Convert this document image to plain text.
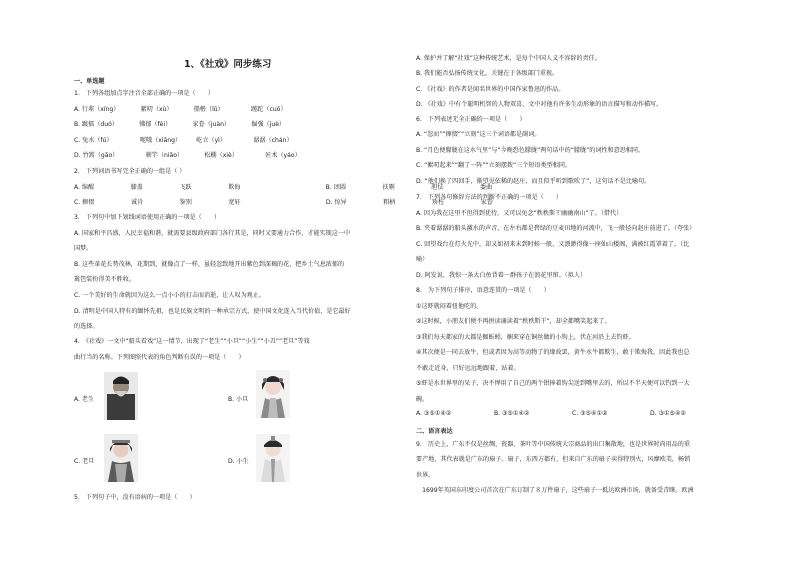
1、《社戏》同步练习
一、单选题
1.　下列各组加点字注音全部正确的一项是（　　）
A. 行辈（xíng）　　　　絮叨（xù）　　　　船橹（lǔ）　　　　　蹉跎（cuō）
B. 踱擂（duó）　　　　怫郁（fèi）　　　　家眷（juàn）　　　　倔强（juè）
C. 兔水（fú）　　　　　呃哦（xiāng）　　　屹立（yì）　　　　　潺潺（chán）
D. 竹篙（gāo）　　　　　蕲竿（niǎo）　　　　松棚（xiè）　　　　　匠术（yáo）
2.　下列词语书写完全正确的一组是（ ）
A. 绵醒　　　　　　膝盖　　　　　　飞跃　　　　　　欺侮　　　　　　　　　　　　　　B. 团圆　　　　　　扶剔　　　　　　胆怯　　　　　　委曲
C. 撺掇　　　　　　诚肯　　　　　　鉴别　　　　　　宽轩　　　　　　　　　　　　　　D. 惊异　　　　　　粗柄　　　　　　矫枉　　　　　　家眷
3.　下列句中加下划线词语使用正确的一项是（　　）
A. 国家和平昌盛，人民幸福和谐，就需要县级政府部门各行其是，同时又要通力合作，才能实现这一中
国梦。
B. 这些革花长势茂林，花期到，就像点了一样，虽轻忽致地开出紫色到深褐的花，把乡土气息浓郁的
篱笆装扮得美不胜收。
C. 一个美好的生命就因为这么一点小小的打击而消逝，让人叹为观止。
D. 清明是中国人特有的缅怀先祖，也是民族文明的一种承宗方式，使中国文化连入当代价值，是它最好
的选择。
4.　《社戏》一文中“船头看戏”这一情节，出现了“老生”“小旦”“小生”“小丑”“老旦”等戏
曲行当的名称。下列图照代表的角色判断有误的一项是（　　）
A. 老生	B. 小旦
C. 老旦	D. 小生
5.　下列句子中，没有语病的一项是（　　）
A. 保护并了解“社戏”这种传统艺术，是每个中国人义不容辞的责任。
B. 我们能否弘扬传统文化，关键在于各级部门重视。
C. 《社戏》的作者是闻名世界的中国作家鲁迅的作品。
D. 《社戏》中有个聪明机智的人物双喜，文中对他有许多生动形象的语言描写和动作描写。
6.　下列表述无全正确的一项是（　　）
A. “忽而”“撺掇”“立刻”这三个词语都是副词。
B. “月色便朦胧在这水气里”与“今晚恐色朦胧”两句话中的“朦胧”的词性和意思相同。
C. “絮叨起来”“翻了一阵”“立刻摆拨”三个短语类型相同。
D. “他们换了四回手，渐望见依稀的赵庄，而且似乎听到歌吹了”，这句话不是比喻句。
7.　下列各句修辞方法的判断不正确的一项是（　　）
A. 因为我在这里不但得到优待，又可以免念“秩秩斯干幽幽南山”了。（借代）
B. 夹着潺潺的船头激水的声音，在左右都是碧绿的豆麦田地的河流中，飞一般径向赵庄前进了。（夸张）
C. 回望戏台在灯火光中，却又如初来未到时候一般，又漂渺得像一座仙山楼阁，满被红霞罩着了。（比
喻）
D. 阿发说，我惊一条大白鱼背着一群孩子在浪花里窜。（拟人）
8.　为下列句子排序，语意连贯的一项是（　　）
①这虾就闷着扭他吃的。
②这时候，小朋友们便不再拼读诵读着“秩秩斯干”，却全都嘴笑起来了。
③我们每天都家的大都是掘蚯蚓，捆来穿在铜丝做的小钩上，伏在河沿上去钓虾。
④其次便是一同去放牛，但或者因为高等动物了的缘故罢，黄牛水牛都欺生，敢于欺侮我，因此我也总
不敢走近身，只好远远地跟着，站着。
⑤虾是水世界里的呆子，决不惮用了自己的两个钳捧着钩尖送到嘴里去的，所以不半天便可以钓到一大
碗。
A. ③⑤①④②	B. ③⑤①④②	C. ③⑤④①②	D. ③①⑤④②
二、语言表达
9.　历史上，广东不仅是丝绸、瓷器、茶叶等中国传统大宗商品的出口集散地，也是世界时尚用品的重
要产地，其代表就是广东的扇子。扇子，东西方都有，但来自广东的扇子卖得特别火，风靡欧美，畅销
世界。
　1699年英国东印度公司首次在广东订制了８万件扇子，这些扇子一抵达欧洲市场，就备受青睐。欧洲
